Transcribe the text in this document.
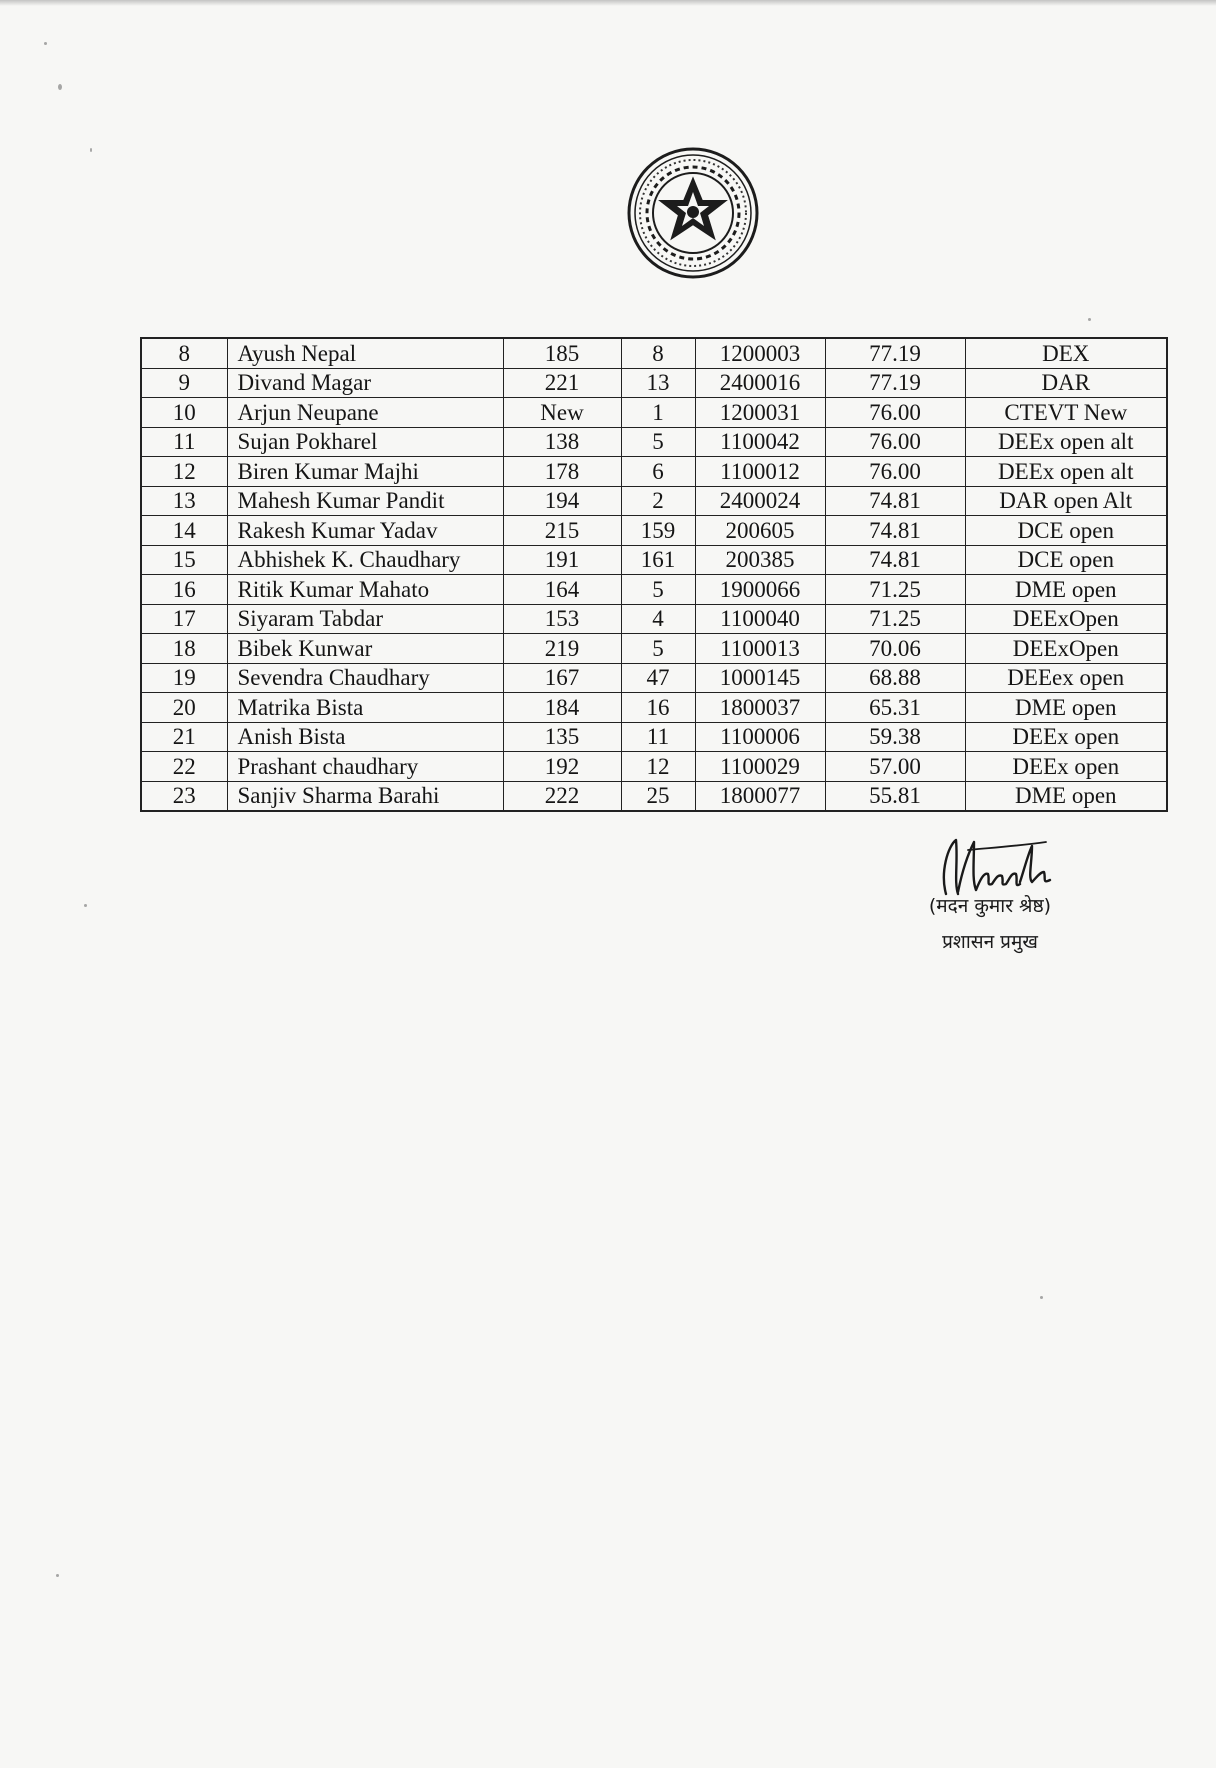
8	Ayush Nepal	185	8	1200003	77.19	DEX
9	Divand Magar	221	13	2400016	77.19	DAR
10	Arjun Neupane	New	1	1200031	76.00	CTEVT New
11	Sujan Pokharel	138	5	1100042	76.00	DEEx open alt
12	Biren Kumar Majhi	178	6	1100012	76.00	DEEx open alt
13	Mahesh Kumar Pandit	194	2	2400024	74.81	DAR open Alt
14	Rakesh Kumar Yadav	215	159	200605	74.81	DCE open
15	Abhishek K. Chaudhary	191	161	200385	74.81	DCE open
16	Ritik Kumar Mahato	164	5	1900066	71.25	DME open
17	Siyaram Tabdar	153	4	1100040	71.25	DEExOpen
18	Bibek Kunwar	219	5	1100013	70.06	DEExOpen
19	Sevendra Chaudhary	167	47	1000145	68.88	DEEex open
20	Matrika Bista	184	16	1800037	65.31	DME open
21	Anish Bista	135	11	1100006	59.38	DEEx open
22	Prashant chaudhary	192	12	1100029	57.00	DEEx open
23	Sanjiv Sharma Barahi	222	25	1800077	55.81	DME open
(मदन कुमार श्रेष्ठ)
प्रशासन प्रमुख
